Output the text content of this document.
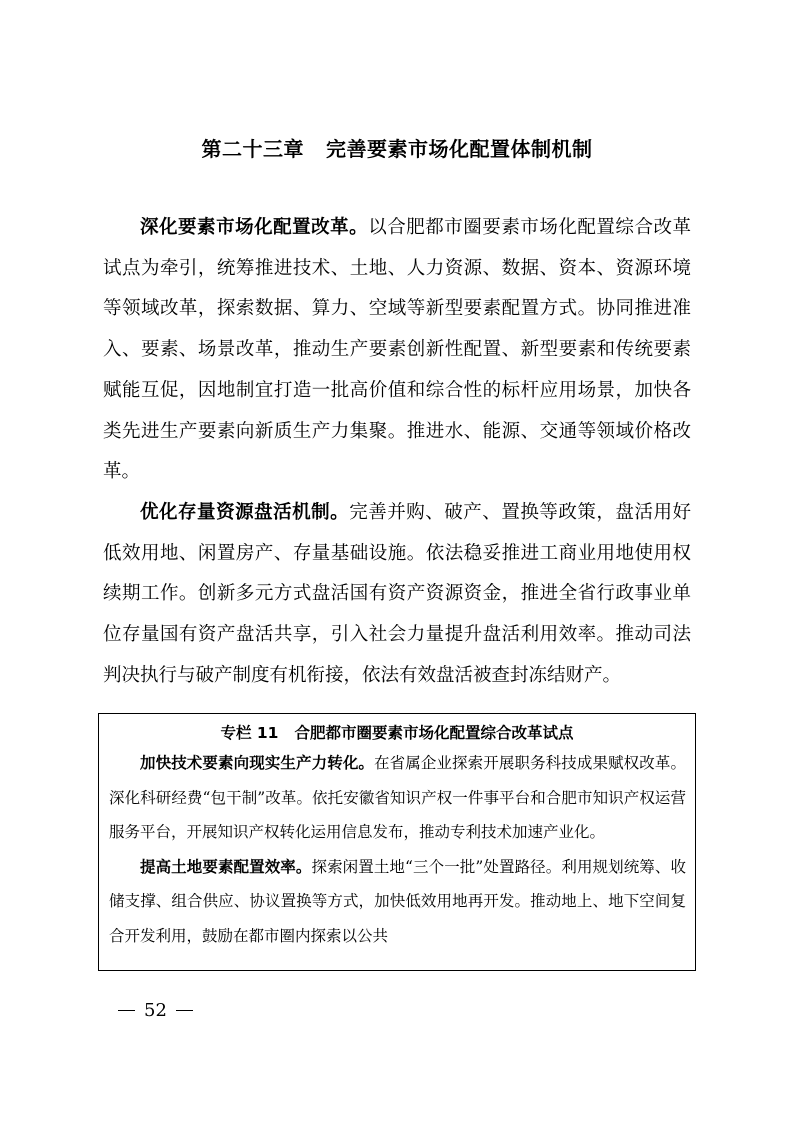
第二十三章 完善要素市场化配置体制机制

深化要素市场化配置改革。以合肥都市圈要素市场化配置综合改革试点为牵引，统筹推进技术、土地、人力资源、数据、资本、资源环境等领域改革，探索数据、算力、空域等新型要素配置方式。协同推进准入、要素、场景改革，推动生产要素创新性配置、新型要素和传统要素赋能互促，因地制宜打造一批高价值和综合性的标杆应用场景，加快各类先进生产要素向新质生产力集聚。推进水、能源、交通等领域价格改革。

优化存量资源盘活机制。完善并购、破产、置换等政策，盘活用好低效用地、闲置房产、存量基础设施。依法稳妥推进工商业用地使用权续期工作。创新多元方式盘活国有资产资源资金，推进全省行政事业单位存量国有资产盘活共享，引入社会力量提升盘活利用效率。推动司法判决执行与破产制度有机衔接，依法有效盘活被查封冻结财产。

专栏 11 合肥都市圈要素市场化配置综合改革试点

加快技术要素向现实生产力转化。在省属企业探索开展职务科技成果赋权改革。深化科研经费“包干制”改革。依托安徽省知识产权一件事平台和合肥市知识产权运营服务平台，开展知识产权转化运用信息发布，推动专利技术加速产业化。

提高土地要素配置效率。探索闲置土地“三个一批”处置路径。利用规划统筹、收储支撑、组合供应、协议置换等方式，加快低效用地再开发。推动地上、地下空间复合开发利用，鼓励在都市圈内探索以公共

52
